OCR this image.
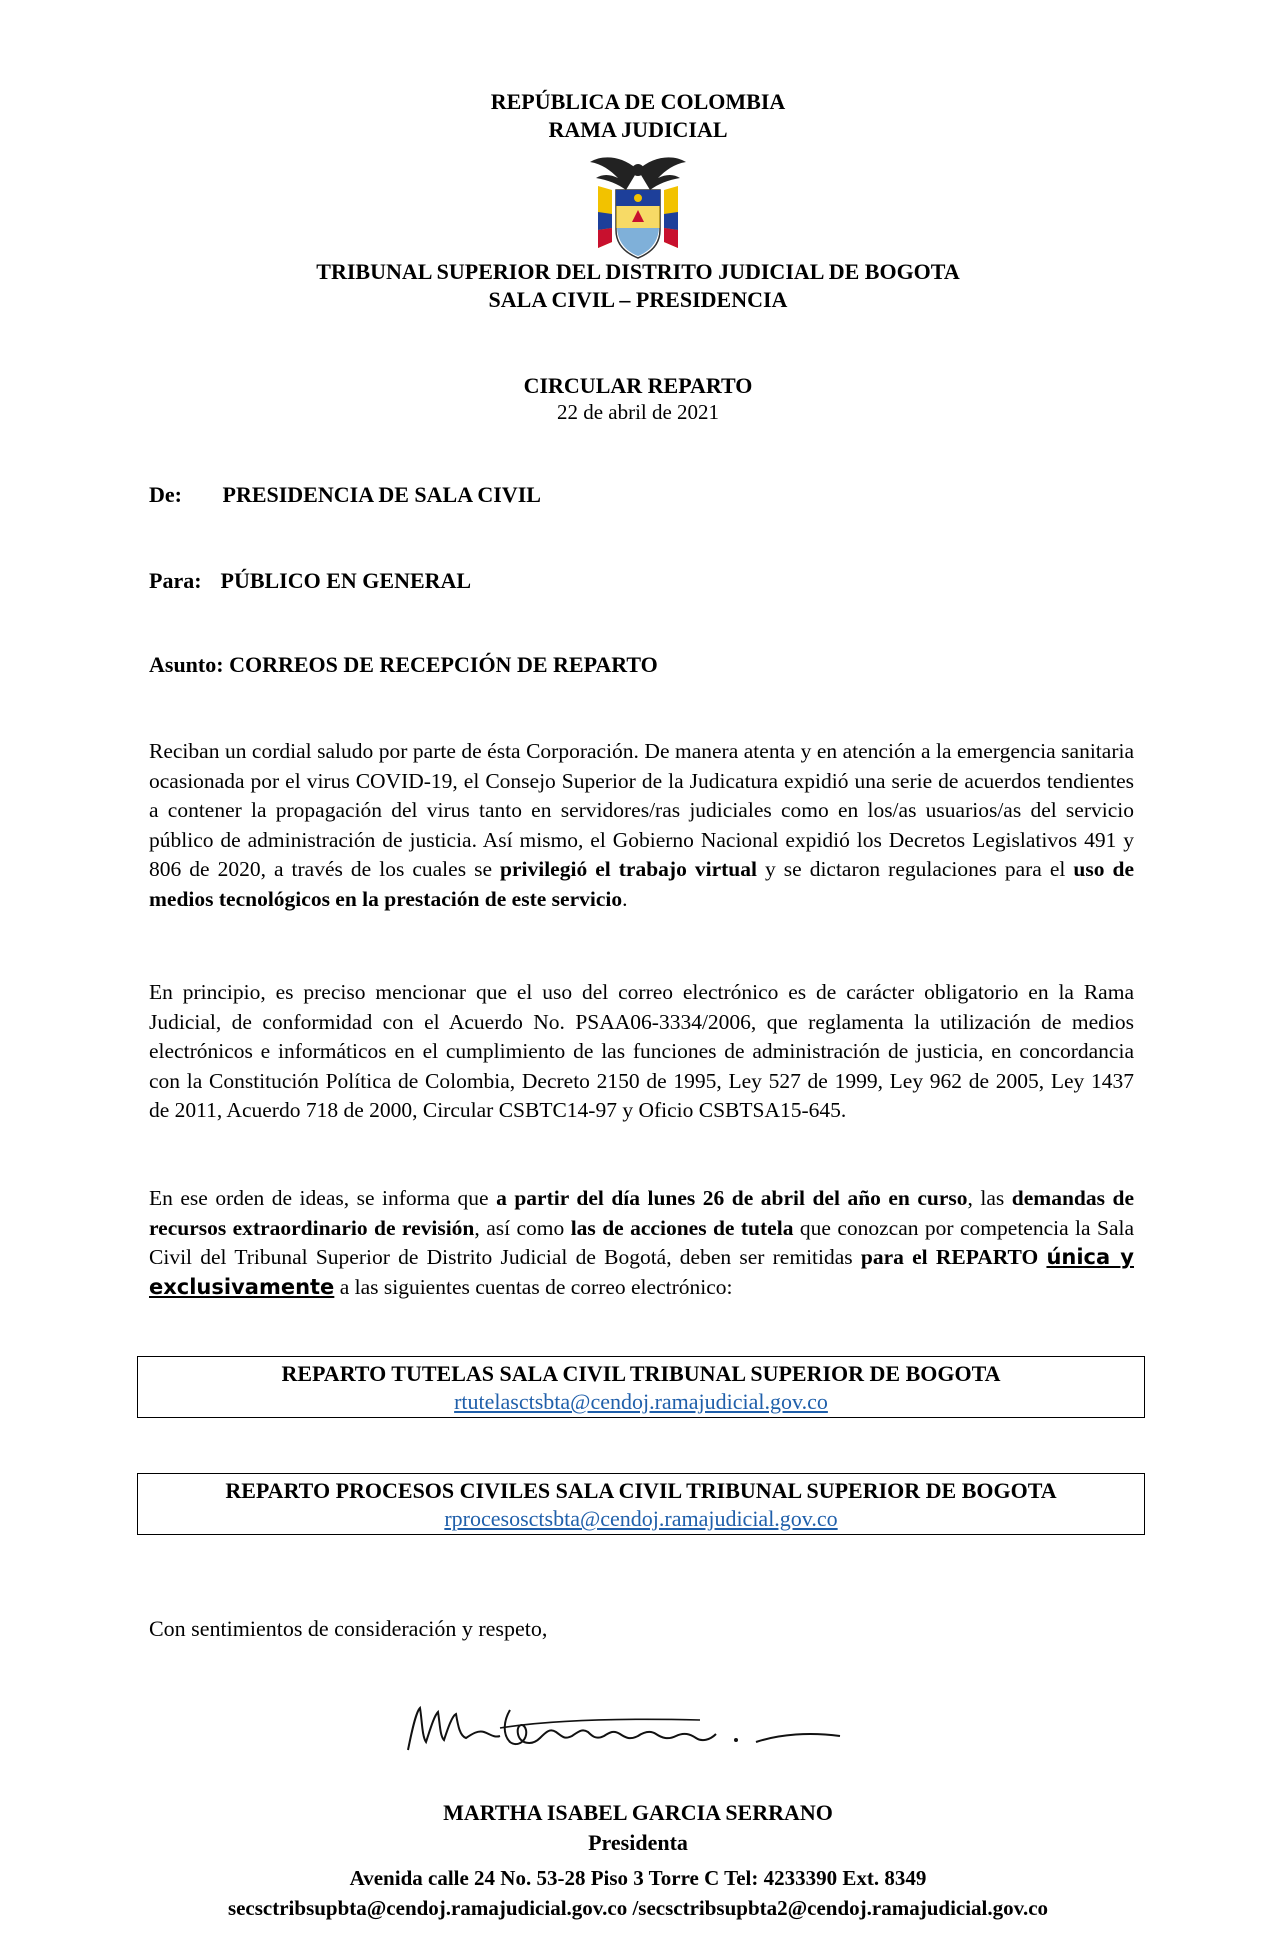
REPÚBLICA DE COLOMBIA
RAMA JUDICIAL
TRIBUNAL SUPERIOR DEL DISTRITO JUDICIAL DE BOGOTA
SALA CIVIL – PRESIDENCIA
CIRCULAR REPARTO
22 de abril de 2021
De: PRESIDENCIA DE SALA CIVIL
Para: PÚBLICO EN GENERAL
Asunto: CORREOS DE RECEPCIÓN DE REPARTO
Reciban un cordial saludo por parte de ésta Corporación. De manera atenta y en atención a la emergencia sanitaria ocasionada por el virus COVID-19, el Consejo Superior de la Judicatura expidió una serie de acuerdos tendientes a contener la propagación del virus tanto en servidores/ras judiciales como en los/as usuarios/as del servicio público de administración de justicia. Así mismo, el Gobierno Nacional expidió los Decretos Legislativos 491 y 806 de 2020, a través de los cuales se privilegió el trabajo virtual y se dictaron regulaciones para el uso de medios tecnológicos en la prestación de este servicio.
En principio, es preciso mencionar que el uso del correo electrónico es de carácter obligatorio en la Rama Judicial, de conformidad con el Acuerdo No. PSAA06-3334/2006, que reglamenta la utilización de medios electrónicos e informáticos en el cumplimiento de las funciones de administración de justicia, en concordancia con la Constitución Política de Colombia, Decreto 2150 de 1995, Ley 527 de 1999, Ley 962 de 2005, Ley 1437 de 2011, Acuerdo 718 de 2000, Circular CSBTC14-97 y Oficio CSBTSA15-645.
En ese orden de ideas, se informa que a partir del día lunes 26 de abril del año en curso, las demandas de recursos extraordinario de revisión, así como las de acciones de tutela que conozcan por competencia la Sala Civil del Tribunal Superior de Distrito Judicial de Bogotá, deben ser remitidas para el REPARTO única y exclusivamente a las siguientes cuentas de correo electrónico:
REPARTO TUTELAS SALA CIVIL TRIBUNAL SUPERIOR DE BOGOTA
rtutelasctsbta@cendoj.ramajudicial.gov.co
REPARTO PROCESOS CIVILES SALA CIVIL TRIBUNAL SUPERIOR DE BOGOTA
rprocesosctsbta@cendoj.ramajudicial.gov.co
Con sentimientos de consideración y respeto,
MARTHA ISABEL GARCIA SERRANO
Presidenta
Avenida calle 24 No. 53-28 Piso 3 Torre C Tel: 4233390 Ext. 8349
secsctribsupbta@cendoj.ramajudicial.gov.co /secsctribsupbta2@cendoj.ramajudicial.gov.co
